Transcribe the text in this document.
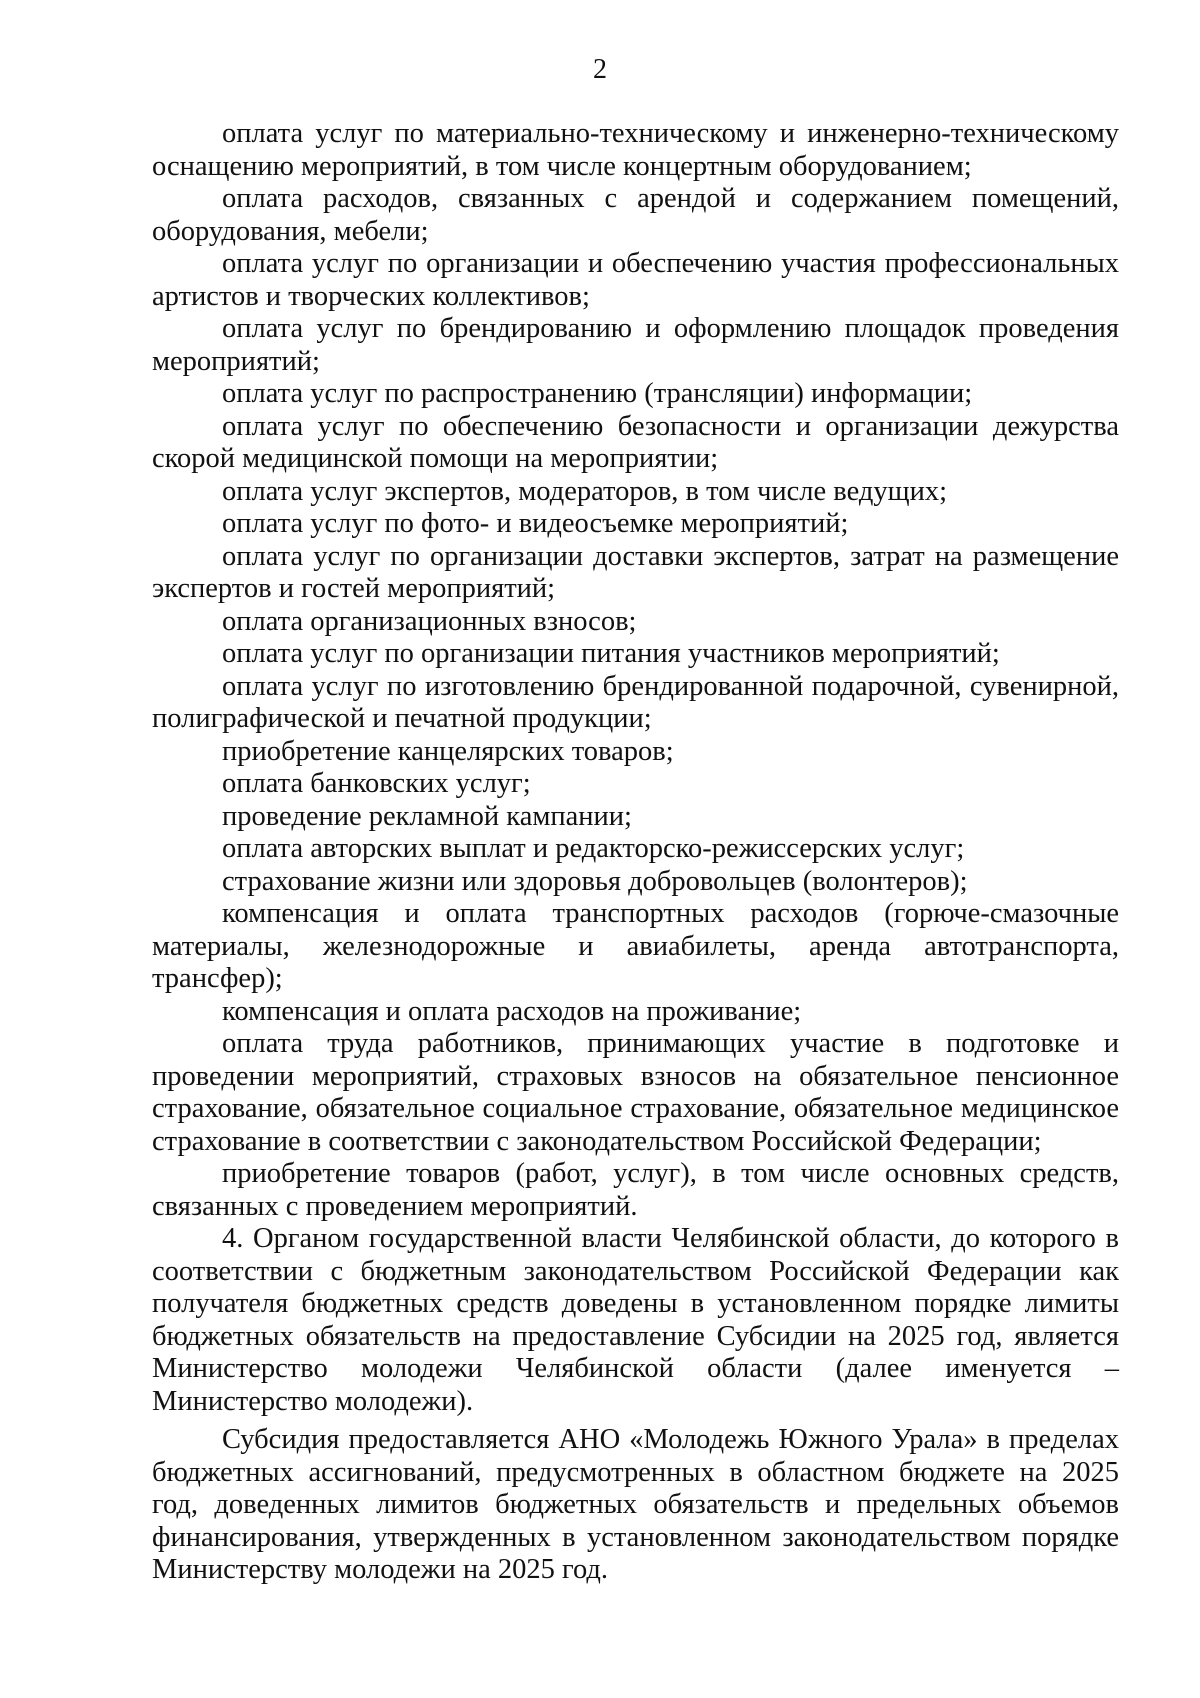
2

оплата услуг по материально-техническому и инженерно-техническому оснащению мероприятий, в том числе концертным оборудованием;

оплата расходов, связанных с арендой и содержанием помещений, оборудования, мебели;

оплата услуг по организации и обеспечению участия профессиональных артистов и творческих коллективов;

оплата услуг по брендированию и оформлению площадок проведения мероприятий;

оплата услуг по распространению (трансляции) информации;

оплата услуг по обеспечению безопасности и организации дежурства скорой медицинской помощи на мероприятии;

оплата услуг экспертов, модераторов, в том числе ведущих;

оплата услуг по фото- и видеосъемке мероприятий;

оплата услуг по организации доставки экспертов, затрат на размещение экспертов и гостей мероприятий;

оплата организационных взносов;

оплата услуг по организации питания участников мероприятий;

оплата услуг по изготовлению брендированной подарочной, сувенирной, полиграфической и печатной продукции;

приобретение канцелярских товаров;

оплата банковских услуг;

проведение рекламной кампании;

оплата авторских выплат и редакторско-режиссерских услуг;

страхование жизни или здоровья добровольцев (волонтеров);

компенсация и оплата транспортных расходов (горюче-смазочные материалы, железнодорожные и авиабилеты, аренда автотранспорта, трансфер);

компенсация и оплата расходов на проживание;

оплата труда работников, принимающих участие в подготовке и проведении мероприятий, страховых взносов на обязательное пенсионное страхование, обязательное социальное страхование, обязательное медицинское страхование в соответствии с законодательством Российской Федерации;

приобретение товаров (работ, услуг), в том числе основных средств, связанных с проведением мероприятий.

4. Органом государственной власти Челябинской области, до которого в соответствии с бюджетным законодательством Российской Федерации как получателя бюджетных средств доведены в установленном порядке лимиты бюджетных обязательств на предоставление Субсидии на 2025 год, является Министерство молодежи Челябинской области (далее именуется – Министерство молодежи).

Субсидия предоставляется АНО «Молодежь Южного Урала» в пределах бюджетных ассигнований, предусмотренных в областном бюджете на 2025 год, доведенных лимитов бюджетных обязательств и предельных объемов финансирования, утвержденных в установленном законодательством порядке Министерству молодежи на 2025 год.
